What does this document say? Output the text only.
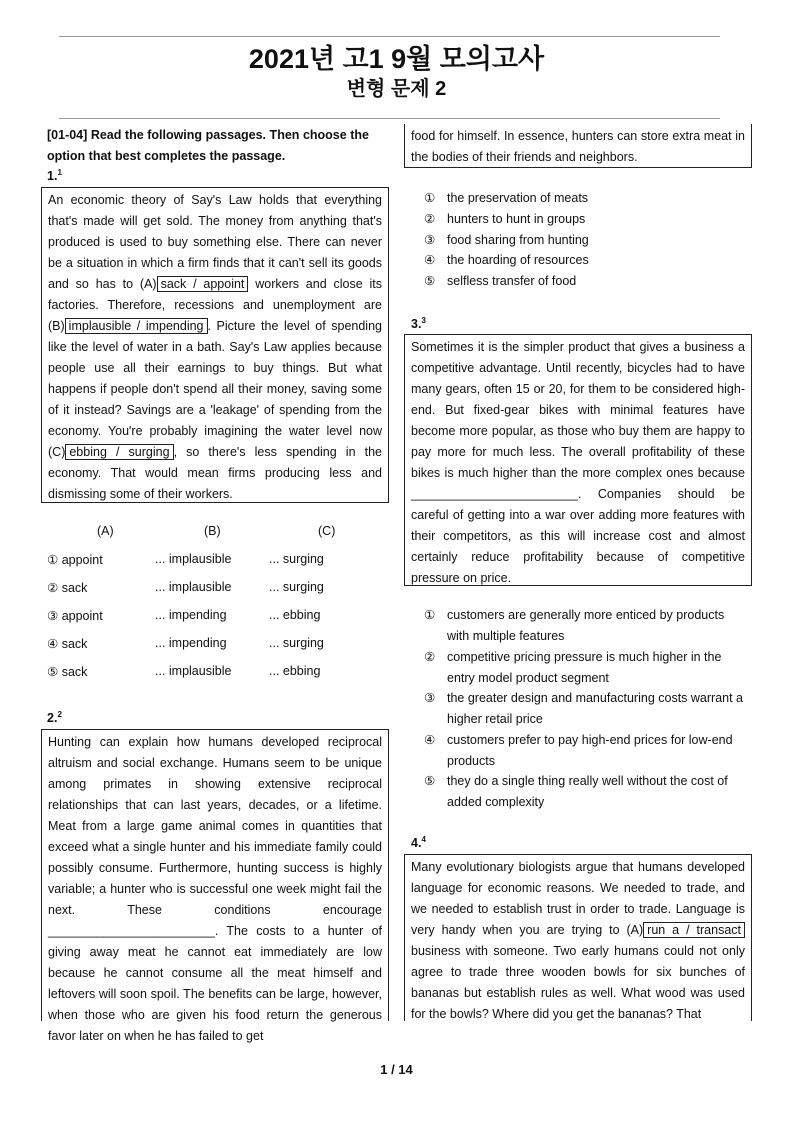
2021년 고1 9월 모의고사
변형 문제 2
[01-04] Read the following passages. Then choose the option that best completes the passage.
1.$^1$
An economic theory of Say's Law holds that everything that's made will get sold. The money from anything that's produced is used to buy something else. There can never be a situation in which a firm finds that it can't sell its goods and so has to (A) sack / appoint workers and close its factories. Therefore, recessions and unemployment are (B) implausible / impending . Picture the level of spending like the level of water in a bath. Say's Law applies because people use all their earnings to buy things. But what happens if people don't spend all their money, saving some of it instead? Savings are a 'leakage' of spending from the economy. You're probably imagining the water level now (C) ebbing / surging , so there's less spending in the economy. That would mean firms producing less and dismissing some of their workers.

① appoint	... implausible	... surging
② sack	... implausible	... surging
③ appoint	... impending	... ebbing
④ sack	... impending	... surging
⑤ sack	... implausible	... ebbing
(A)	(B)	(C)
2.$^2$
Hunting can explain how humans developed reciprocal altruism and social exchange. Humans seem to be unique among primates in showing extensive reciprocal relationships that can last years, decades, or a lifetime. Meat from a large game animal comes in quantities that exceed what a single hunter and his immediate family could possibly consume. Furthermore, hunting success is highly variable; a hunter who is successful one week might fail the next. These conditions encourage ________________________. The costs to a hunter of giving away meat he cannot eat immediately are low because he cannot consume all the meat himself and leftovers will soon spoil. The benefits can be large, however, when those who are given his food return the generous favor later on when he has failed to get
food for himself. In essence, hunters can store extra meat in the bodies of their friends and neighbors.
① the preservation of meats
② hunters to hunt in groups
③ food sharing from hunting
④ the hoarding of resources
⑤ selfless transfer of food
3.$^3$
Sometimes it is the simpler product that gives a business a competitive advantage. Until recently, bicycles had to have many gears, often 15 or 20, for them to be considered high-end. But fixed-gear bikes with minimal features have become more popular, as those who buy them are happy to pay more for much less. The overall profitability of these bikes is much higher than the more complex ones because ________________________. Companies should be careful of getting into a war over adding more features with their competitors, as this will increase cost and almost certainly reduce profitability because of competitive pressure on price.
① customers are generally more enticed by products with multiple features
② competitive pricing pressure is much higher in the entry model product segment
③ the greater design and manufacturing costs warrant a higher retail price
④ customers prefer to pay high-end prices for low-end products
⑤ they do a single thing really well without the cost of added complexity
4.$^4$
Many evolutionary biologists argue that humans developed language for economic reasons. We needed to trade, and we needed to establish trust in order to trade. Language is very handy when you are trying to (A) run a / transact business with someone. Two early humans could not only agree to trade three wooden bowls for six bunches of bananas but establish rules as well. What wood was used for the bowls? Where did you get the bananas? That
1 / 14
